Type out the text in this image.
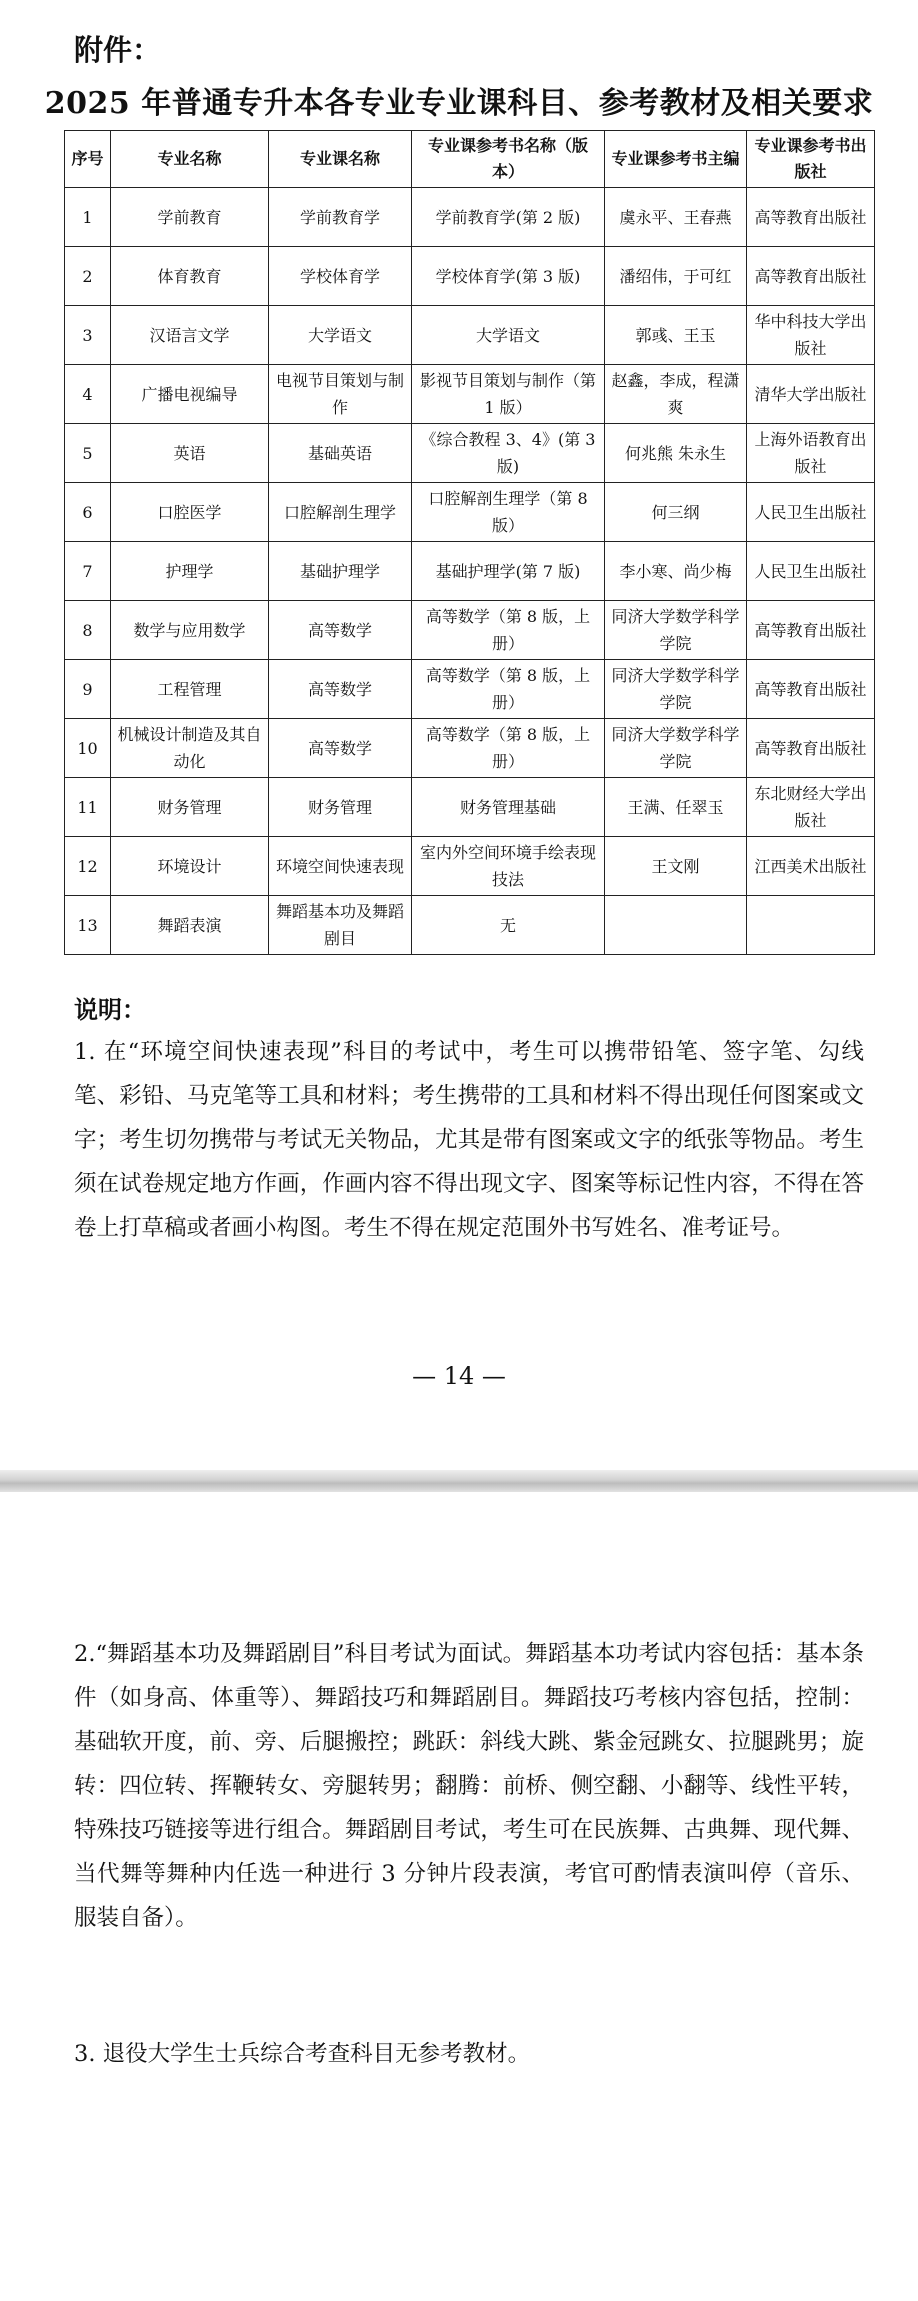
附件：
2025 年普通专升本各专业专业课科目、参考教材及相关要求
序号	专业名称	专业课名称	专业课参考书名称（版本）	专业课参考书主编	专业课参考书出版社
1	学前教育	学前教育学	学前教育学(第 2 版)	虞永平、王春燕	高等教育出版社
2	体育教育	学校体育学	学校体育学(第 3 版)	潘绍伟，于可红	高等教育出版社
3	汉语言文学	大学语文	大学语文	郭彧、王玉	华中科技大学出版社
4	广播电视编导	电视节目策划与制作	影视节目策划与制作（第 1 版）	赵鑫，李成，程潇爽	清华大学出版社
5	英语	基础英语	《综合教程 3、4》(第 3 版)	何兆熊 朱永生	上海外语教育出版社
6	口腔医学	口腔解剖生理学	口腔解剖生理学（第 8 版）	何三纲	人民卫生出版社
7	护理学	基础护理学	基础护理学(第 7 版)	李小寒、尚少梅	人民卫生出版社
8	数学与应用数学	高等数学	高等数学（第 8 版，上册）	同济大学数学科学学院	高等教育出版社
9	工程管理	高等数学	高等数学（第 8 版，上册）	同济大学数学科学学院	高等教育出版社
10	机械设计制造及其自动化	高等数学	高等数学（第 8 版，上册）	同济大学数学科学学院	高等教育出版社
11	财务管理	财务管理	财务管理基础	王满、任翠玉	东北财经大学出版社
12	环境设计	环境空间快速表现	室内外空间环境手绘表现技法	王文刚	江西美术出版社
13	舞蹈表演	舞蹈基本功及舞蹈剧目	无		
说明：
1. 在“环境空间快速表现”科目的考试中，考生可以携带铅笔、签字笔、勾线笔、彩铅、马克笔等工具和材料；考生携带的工具和材料不得出现任何图案或文字；考生切勿携带与考试无关物品，尤其是带有图案或文字的纸张等物品。考生须在试卷规定地方作画，作画内容不得出现文字、图案等标记性内容，不得在答卷上打草稿或者画小构图。考生不得在规定范围外书写姓名、准考证号。
— 14 —
2.“舞蹈基本功及舞蹈剧目”科目考试为面试。舞蹈基本功考试内容包括：基本条件（如身高、体重等）、舞蹈技巧和舞蹈剧目。舞蹈技巧考核内容包括，控制：基础软开度，前、旁、后腿搬控；跳跃：斜线大跳、紫金冠跳女、拉腿跳男；旋转：四位转、挥鞭转女、旁腿转男；翻腾：前桥、侧空翻、小翻等、线性平转，特殊技巧链接等进行组合。舞蹈剧目考试，考生可在民族舞、古典舞、现代舞、当代舞等舞种内任选一种进行 3 分钟片段表演，考官可酌情表演叫停（音乐、服装自备）。
3. 退役大学生士兵综合考查科目无参考教材。
